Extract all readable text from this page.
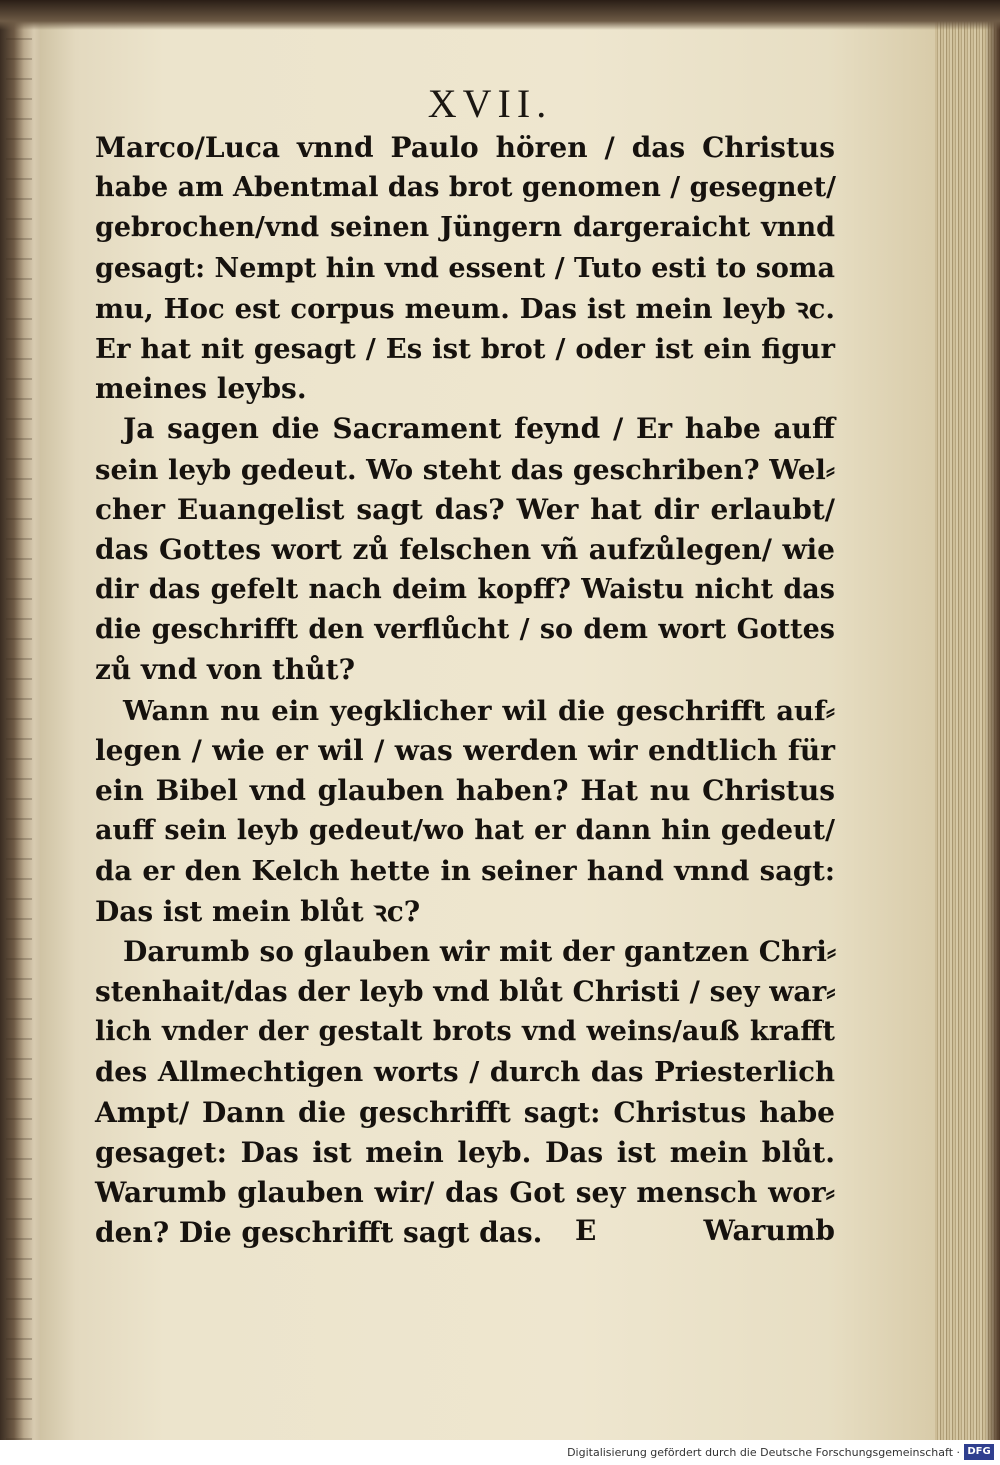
XVII.
Marco/Luca vnnd Paulo hören / das Christus
habe am Abentmal das brot genomen / gesegnet/
gebrochen/vnd seinen Jüngern dargeraicht vnnd
gesagt: Nempt hin vnd essent / Tuto esti to soma
mu, Hoc est corpus meum. Das ist mein leyb ꝛc.
Er hat nit gesagt / Es ist brot / oder ist ein figur
meines leybs.
Ja sagen die Sacrament feynd / Er habe auff
sein leyb gedeut. Wo steht das geschriben? Wel⸗
cher Euangelist sagt das? Wer hat dir erlaubt/
das Gottes wort zů felschen vñ aufzůlegen/ wie
dir das gefelt nach deim kopff? Waistu nicht das
die geschrifft den verflůcht / so dem wort Gottes
zů vnd von thůt?
Wann nu ein yegklicher wil die geschrifft auf⸗
legen / wie er wil / was werden wir endtlich für
ein Bibel vnd glauben haben? Hat nu Christus
auff sein leyb gedeut/wo hat er dann hin gedeut/
da er den Kelch hette in seiner hand vnnd sagt:
Das ist mein blůt ꝛc?
Darumb so glauben wir mit der gantzen Chri⸗
stenhait/das der leyb vnd blůt Christi / sey war⸗
lich vnder der gestalt brots vnd weins/auß krafft
des Allmechtigen worts / durch das Priesterlich
Ampt/ Dann die geschrifft sagt: Christus habe
gesaget: Das ist mein leyb. Das ist mein blůt.
Warumb glauben wir/ das Got sey mensch wor⸗
den? Die geschrifft sagt das.	E	Warumb
Digitalisierung gefördert durch die Deutsche Forschungsgemeinschaft · DFG
